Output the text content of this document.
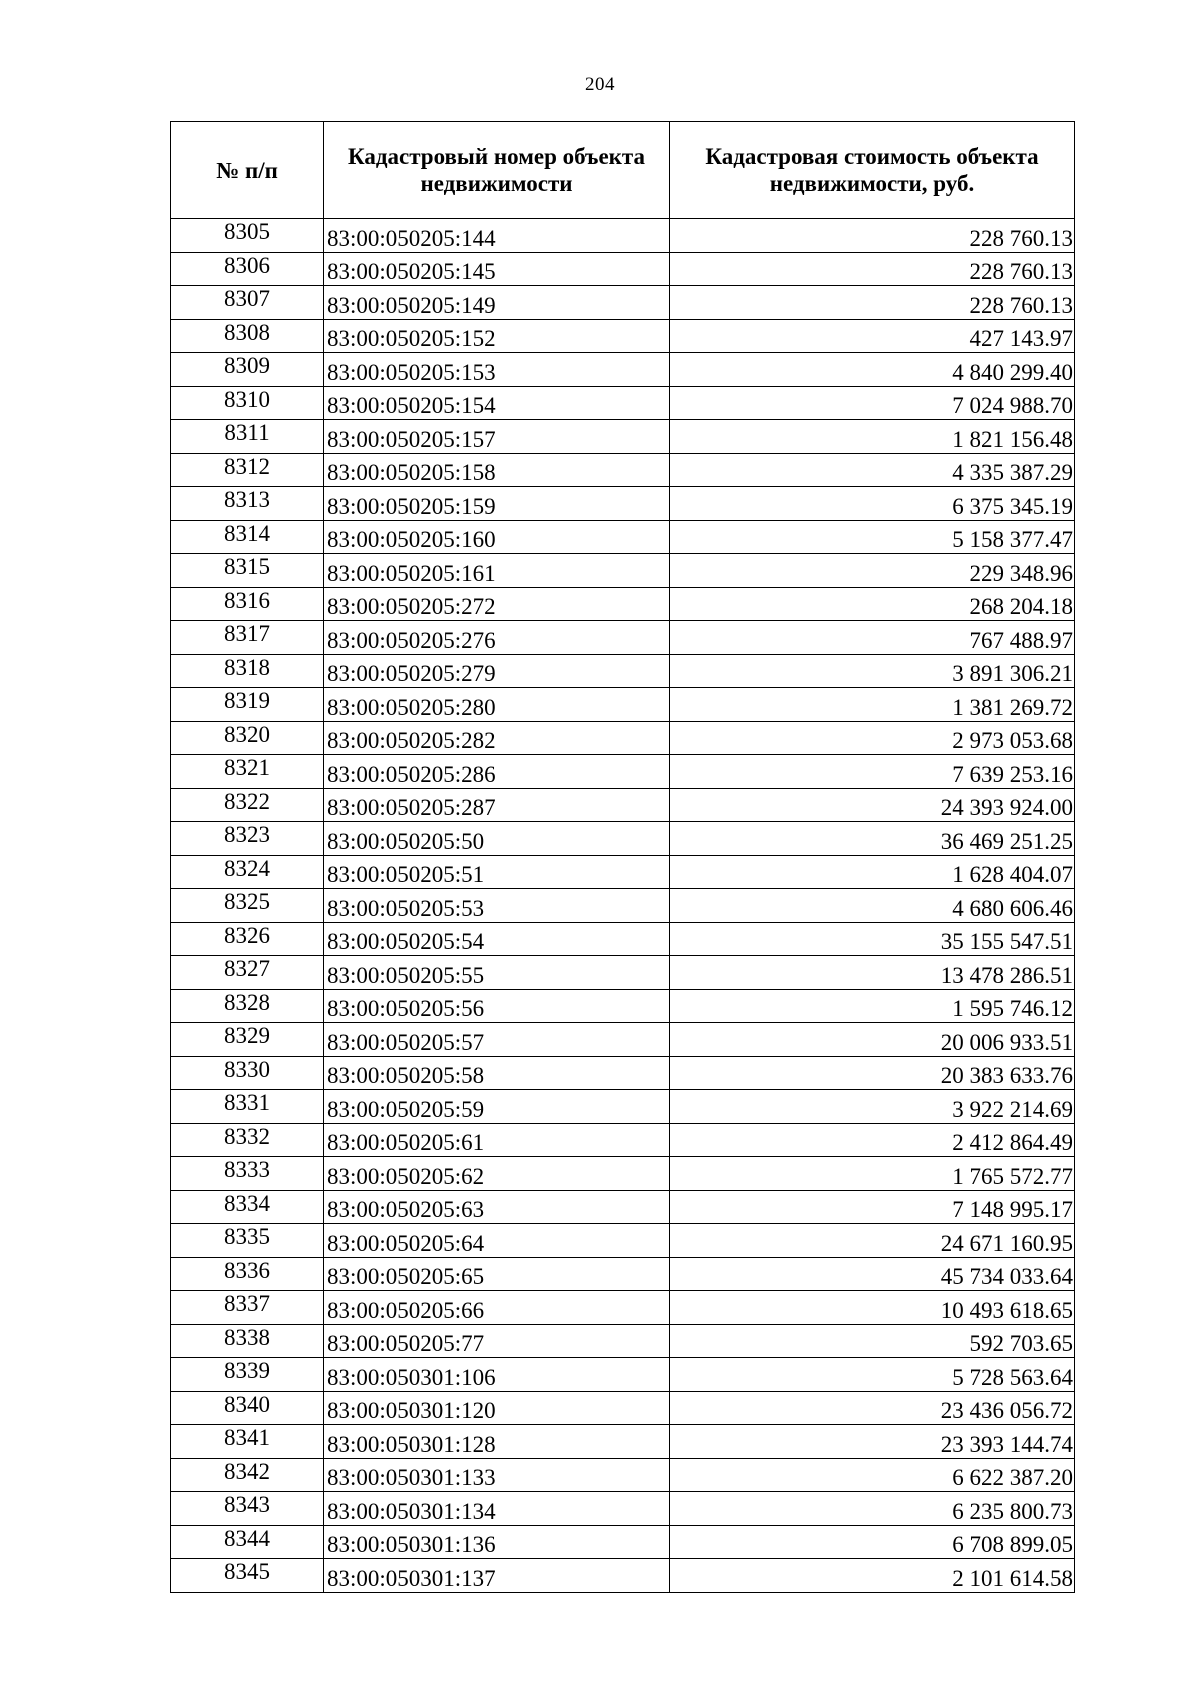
204
№ п/п	Кадастровый номер объекта недвижимости	Кадастровая стоимость объекта недвижимости, руб.
8305	83:00:050205:144	228 760.13
8306	83:00:050205:145	228 760.13
8307	83:00:050205:149	228 760.13
8308	83:00:050205:152	427 143.97
8309	83:00:050205:153	4 840 299.40
8310	83:00:050205:154	7 024 988.70
8311	83:00:050205:157	1 821 156.48
8312	83:00:050205:158	4 335 387.29
8313	83:00:050205:159	6 375 345.19
8314	83:00:050205:160	5 158 377.47
8315	83:00:050205:161	229 348.96
8316	83:00:050205:272	268 204.18
8317	83:00:050205:276	767 488.97
8318	83:00:050205:279	3 891 306.21
8319	83:00:050205:280	1 381 269.72
8320	83:00:050205:282	2 973 053.68
8321	83:00:050205:286	7 639 253.16
8322	83:00:050205:287	24 393 924.00
8323	83:00:050205:50	36 469 251.25
8324	83:00:050205:51	1 628 404.07
8325	83:00:050205:53	4 680 606.46
8326	83:00:050205:54	35 155 547.51
8327	83:00:050205:55	13 478 286.51
8328	83:00:050205:56	1 595 746.12
8329	83:00:050205:57	20 006 933.51
8330	83:00:050205:58	20 383 633.76
8331	83:00:050205:59	3 922 214.69
8332	83:00:050205:61	2 412 864.49
8333	83:00:050205:62	1 765 572.77
8334	83:00:050205:63	7 148 995.17
8335	83:00:050205:64	24 671 160.95
8336	83:00:050205:65	45 734 033.64
8337	83:00:050205:66	10 493 618.65
8338	83:00:050205:77	592 703.65
8339	83:00:050301:106	5 728 563.64
8340	83:00:050301:120	23 436 056.72
8341	83:00:050301:128	23 393 144.74
8342	83:00:050301:133	6 622 387.20
8343	83:00:050301:134	6 235 800.73
8344	83:00:050301:136	6 708 899.05
8345	83:00:050301:137	2 101 614.58
